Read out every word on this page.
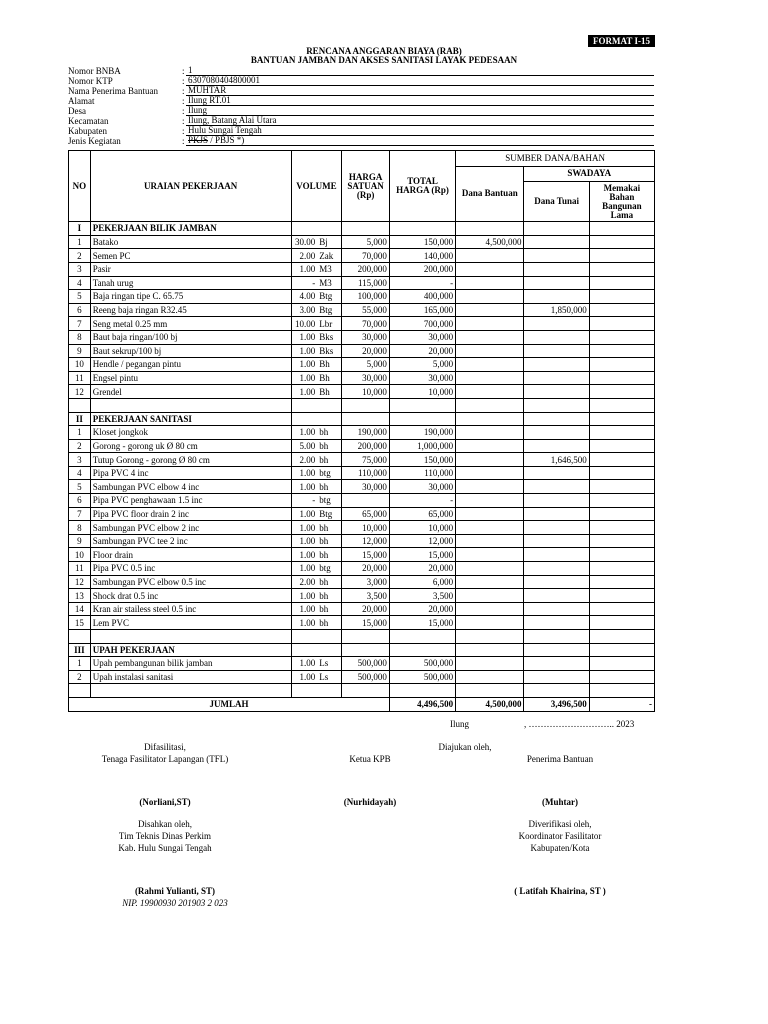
FORMAT I-15
RENCANA ANGGARAN BIAYA (RAB)
BANTUAN JAMBAN DAN AKSES SANITASI LAYAK PEDESAAN
Nomor BNBA	: 1
Nomor KTP	: 6307080404800001
Nama Penerima Bantuan	: MUHTAR
Alamat	: Ilung RT.01
Desa	: Ilung
Kecamatan	: Ilung, Batang Alai Utara
Kabupaten	: Hulu Sungai Tengah
Jenis Kegiatan	: PKJS / PBJS *)
NO	URAIAN PEKERJAAN	VOLUME	HARGA SATUAN (Rp)	TOTAL HARGA (Rp)	SUMBER DANA/BAHAN		
					Dana Bantuan	SWADAYA	
						Dana Tunai	Memakai Bahan Bangunan Lama
I	PEKERJAAN BILIK JAMBAN						
1	Batako	30.00 Bj	5,000	150,000	4,500,000		
2	Semen PC	2.00 Zak	70,000	140,000			
3	Pasir	1.00 M3	200,000	200,000			
4	Tanah urug	- M3	115,000	-			
5	Baja ringan tipe C. 65.75	4.00 Btg	100,000	400,000			
6	Reeng baja ringan R32.45	3.00 Btg	55,000	165,000		1,850,000	
7	Seng metal 0.25 mm	10.00 Lbr	70,000	700,000			
8	Baut baja ringan/100 bj	1.00 Bks	30,000	30,000			
9	Baut sekrup/100 bj	1.00 Bks	20,000	20,000			
10	Hendle / pegangan pintu	1.00 Bh	5,000	5,000			
11	Engsel pintu	1.00 Bh	30,000	30,000			
12	Grendel	1.00 Bh	10,000	10,000			

II	PEKERJAAN SANITASI						
1	Kloset jongkok	1.00 bh	190,000	190,000			
2	Gorong - gorong uk Ø 80 cm	5.00 bh	200,000	1,000,000			
3	Tutup Gorong - gorong Ø 80 cm	2.00 bh	75,000	150,000		1,646,500	
4	Pipa PVC 4 inc	1.00 btg	110,000	110,000			
5	Sambungan PVC elbow 4 inc	1.00 bh	30,000	30,000			
6	Pipa PVC penghawaan 1.5 inc	- btg		-			
7	Pipa PVC floor drain 2 inc	1.00 Btg	65,000	65,000			
8	Sambungan PVC elbow 2 inc	1.00 bh	10,000	10,000			
9	Sambungan PVC tee 2 inc	1.00 bh	12,000	12,000			
10	Floor drain	1.00 bh	15,000	15,000			
11	Pipa PVC 0.5 inc	1.00 btg	20,000	20,000			
12	Sambungan PVC elbow 0.5 inc	2.00 bh	3,000	6,000			
13	Shock drat 0.5 inc	1.00 bh	3,500	3,500			
14	Kran air stailess steel 0.5 inc	1.00 bh	20,000	20,000			
15	Lem PVC	1.00 bh	15,000	15,000			

III	UPAH PEKERJAAN						
1	Upah pembangunan bilik jamban	1.00 Ls	500,000	500,000			
2	Upah instalasi sanitasi	1.00 Ls	500,000	500,000			

JUMLAH				4,496,500	4,500,000	3,496,500	-
Ilung	, ……………………….. 2023
Difasilitasi,
Tenaga Fasilitator Lapangan (TFL)
Diajukan oleh,
Ketua KPB	Penerima Bantuan
(Norliani,ST)	(Nurhidayah)	(Muhtar)
Disahkan oleh,
Tim Teknis Dinas Perkim
Kab. Hulu Sungai Tengah
Diverifikasi oleh,
Koordinator Fasilitator
Kabupaten/Kota
(Rahmi Yulianti, ST)
NIP. 19900930 201903 2 023
( Latifah Khairina, ST )
